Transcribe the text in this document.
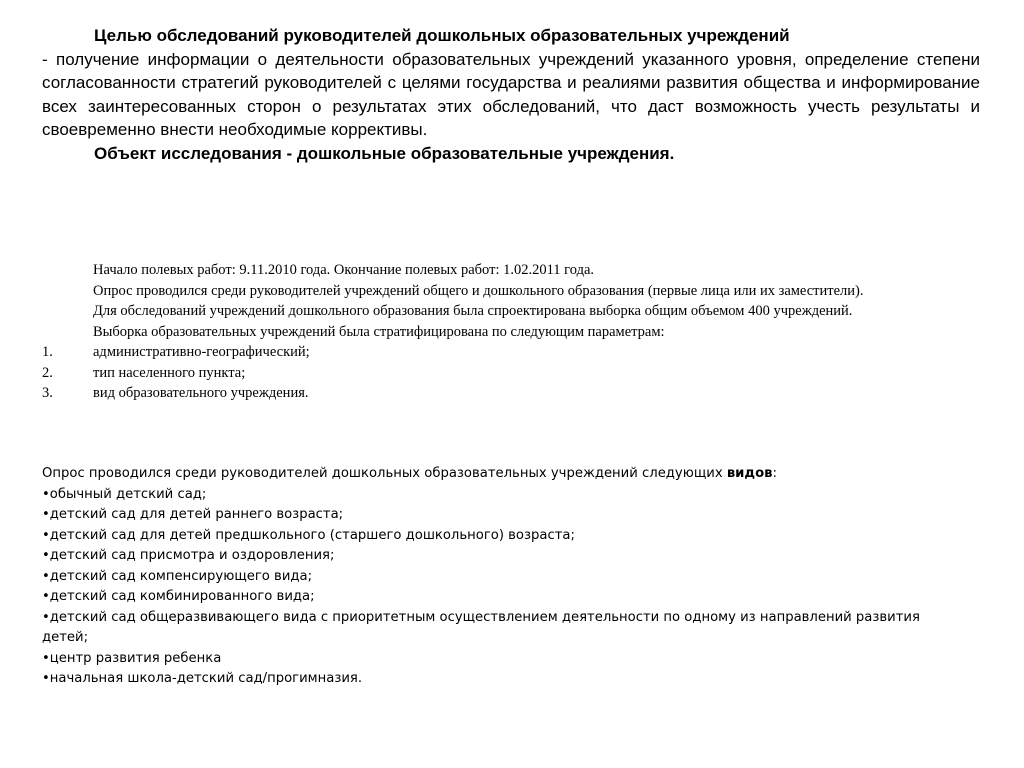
Целью обследований руководителей дошкольных образовательных учреждений

- получение информации о деятельности образовательных учреждений указанного уровня, определение степени согласованности стратегий руководителей с целями государства и реалиями развития общества и информирование всех заинтересованных сторон о результатах этих обследований, что даст возможность учесть результаты и своевременно внести необходимые коррективы.

Объект исследования - дошкольные образовательные учреждения.

Начало полевых работ: 9.11.2010 года. Окончание полевых работ: 1.02.2011 года.

Опрос проводился среди руководителей учреждений общего и дошкольного образования (первые лица или их заместители).

Для обследований учреждений дошкольного образования была спроектирована выборка общим объемом 400 учреждений.

Выборка образовательных учреждений была стратифицирована по следующим параметрам:

1.	административно-географический;
2.	тип населенного пункта;
3.	вид образовательного учреждения.

Опрос проводился среди руководителей дошкольных образовательных учреждений следующих видов:

•обычный детский сад;
•детский сад для детей раннего возраста;
•детский сад для детей предшкольного (старшего дошкольного) возраста;
•детский сад присмотра и оздоровления;
•детский сад компенсирующего вида;
•детский сад комбинированного вида;
•детский сад общеразвивающего вида с приоритетным осуществлением деятельности по одному из направлений развития детей;
•центр развития ребенка
•начальная школа-детский сад/прогимназия.
